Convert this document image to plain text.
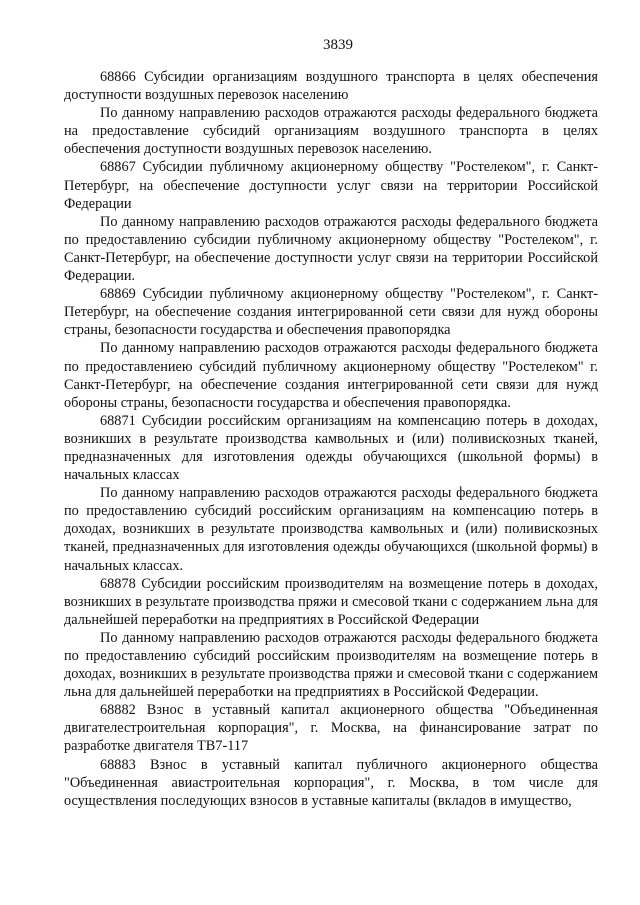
3839

68866 Субсидии организациям воздушного транспорта в целях обеспечения доступности воздушных перевозок населению

По данному направлению расходов отражаются расходы федерального бюджета на предоставление субсидий организациям воздушного транспорта в целях обеспечения доступности воздушных перевозок населению.

68867 Субсидии публичному акционерному обществу "Ростелеком", г. Санкт-Петербург, на обеспечение доступности услуг связи на территории Российской Федерации

По данному направлению расходов отражаются расходы федерального бюджета по предоставлению субсидии публичному акционерному обществу "Ростелеком", г. Санкт-Петербург, на обеспечение доступности услуг связи на территории Российской Федерации.

68869 Субсидии публичному акционерному обществу "Ростелеком", г. Санкт-Петербург, на обеспечение создания интегрированной сети связи для нужд обороны страны, безопасности государства и обеспечения правопорядка

По данному направлению расходов отражаются расходы федерального бюджета по предоставлениею субсидий публичному акционерному обществу "Ростелеком" г. Санкт-Петербург, на обеспечение создания интегрированной сети связи для нужд обороны страны, безопасности государства и обеспечения правопорядка.

68871 Субсидии российским организациям на компенсацию потерь в доходах, возникших в результате производства камвольных и (или) поливискозных тканей, предназначенных для изготовления одежды обучающихся (школьной формы) в начальных классах

По данному направлению расходов отражаются расходы федерального бюджета по предоставлению субсидий российским организациям на компенсацию потерь в доходах, возникших в результате производства камвольных и (или) поливискозных тканей, предназначенных для изготовления одежды обучающихся (школьной формы) в начальных классах.

68878 Субсидии российским производителям на возмещение потерь в доходах, возникших в результате производства пряжи и смесовой ткани с содержанием льна для дальнейшей переработки на предприятиях в Российской Федерации

По данному направлению расходов отражаются расходы федерального бюджета по предоставлению субсидий российским производителям на возмещение потерь в доходах, возникших в результате производства пряжи и смесовой ткани с содержанием льна для дальнейшей переработки на предприятиях в Российской Федерации.

68882 Взнос в уставный капитал акционерного общества "Объединенная двигателестроительная корпорация", г. Москва, на финансирование затрат по разработке двигателя ТВ7-117

68883 Взнос в уставный капитал публичного акционерного общества "Объединенная авиастроительная корпорация", г. Москва, в том числе для осуществления последующих взносов в уставные капиталы (вкладов в имущество,
